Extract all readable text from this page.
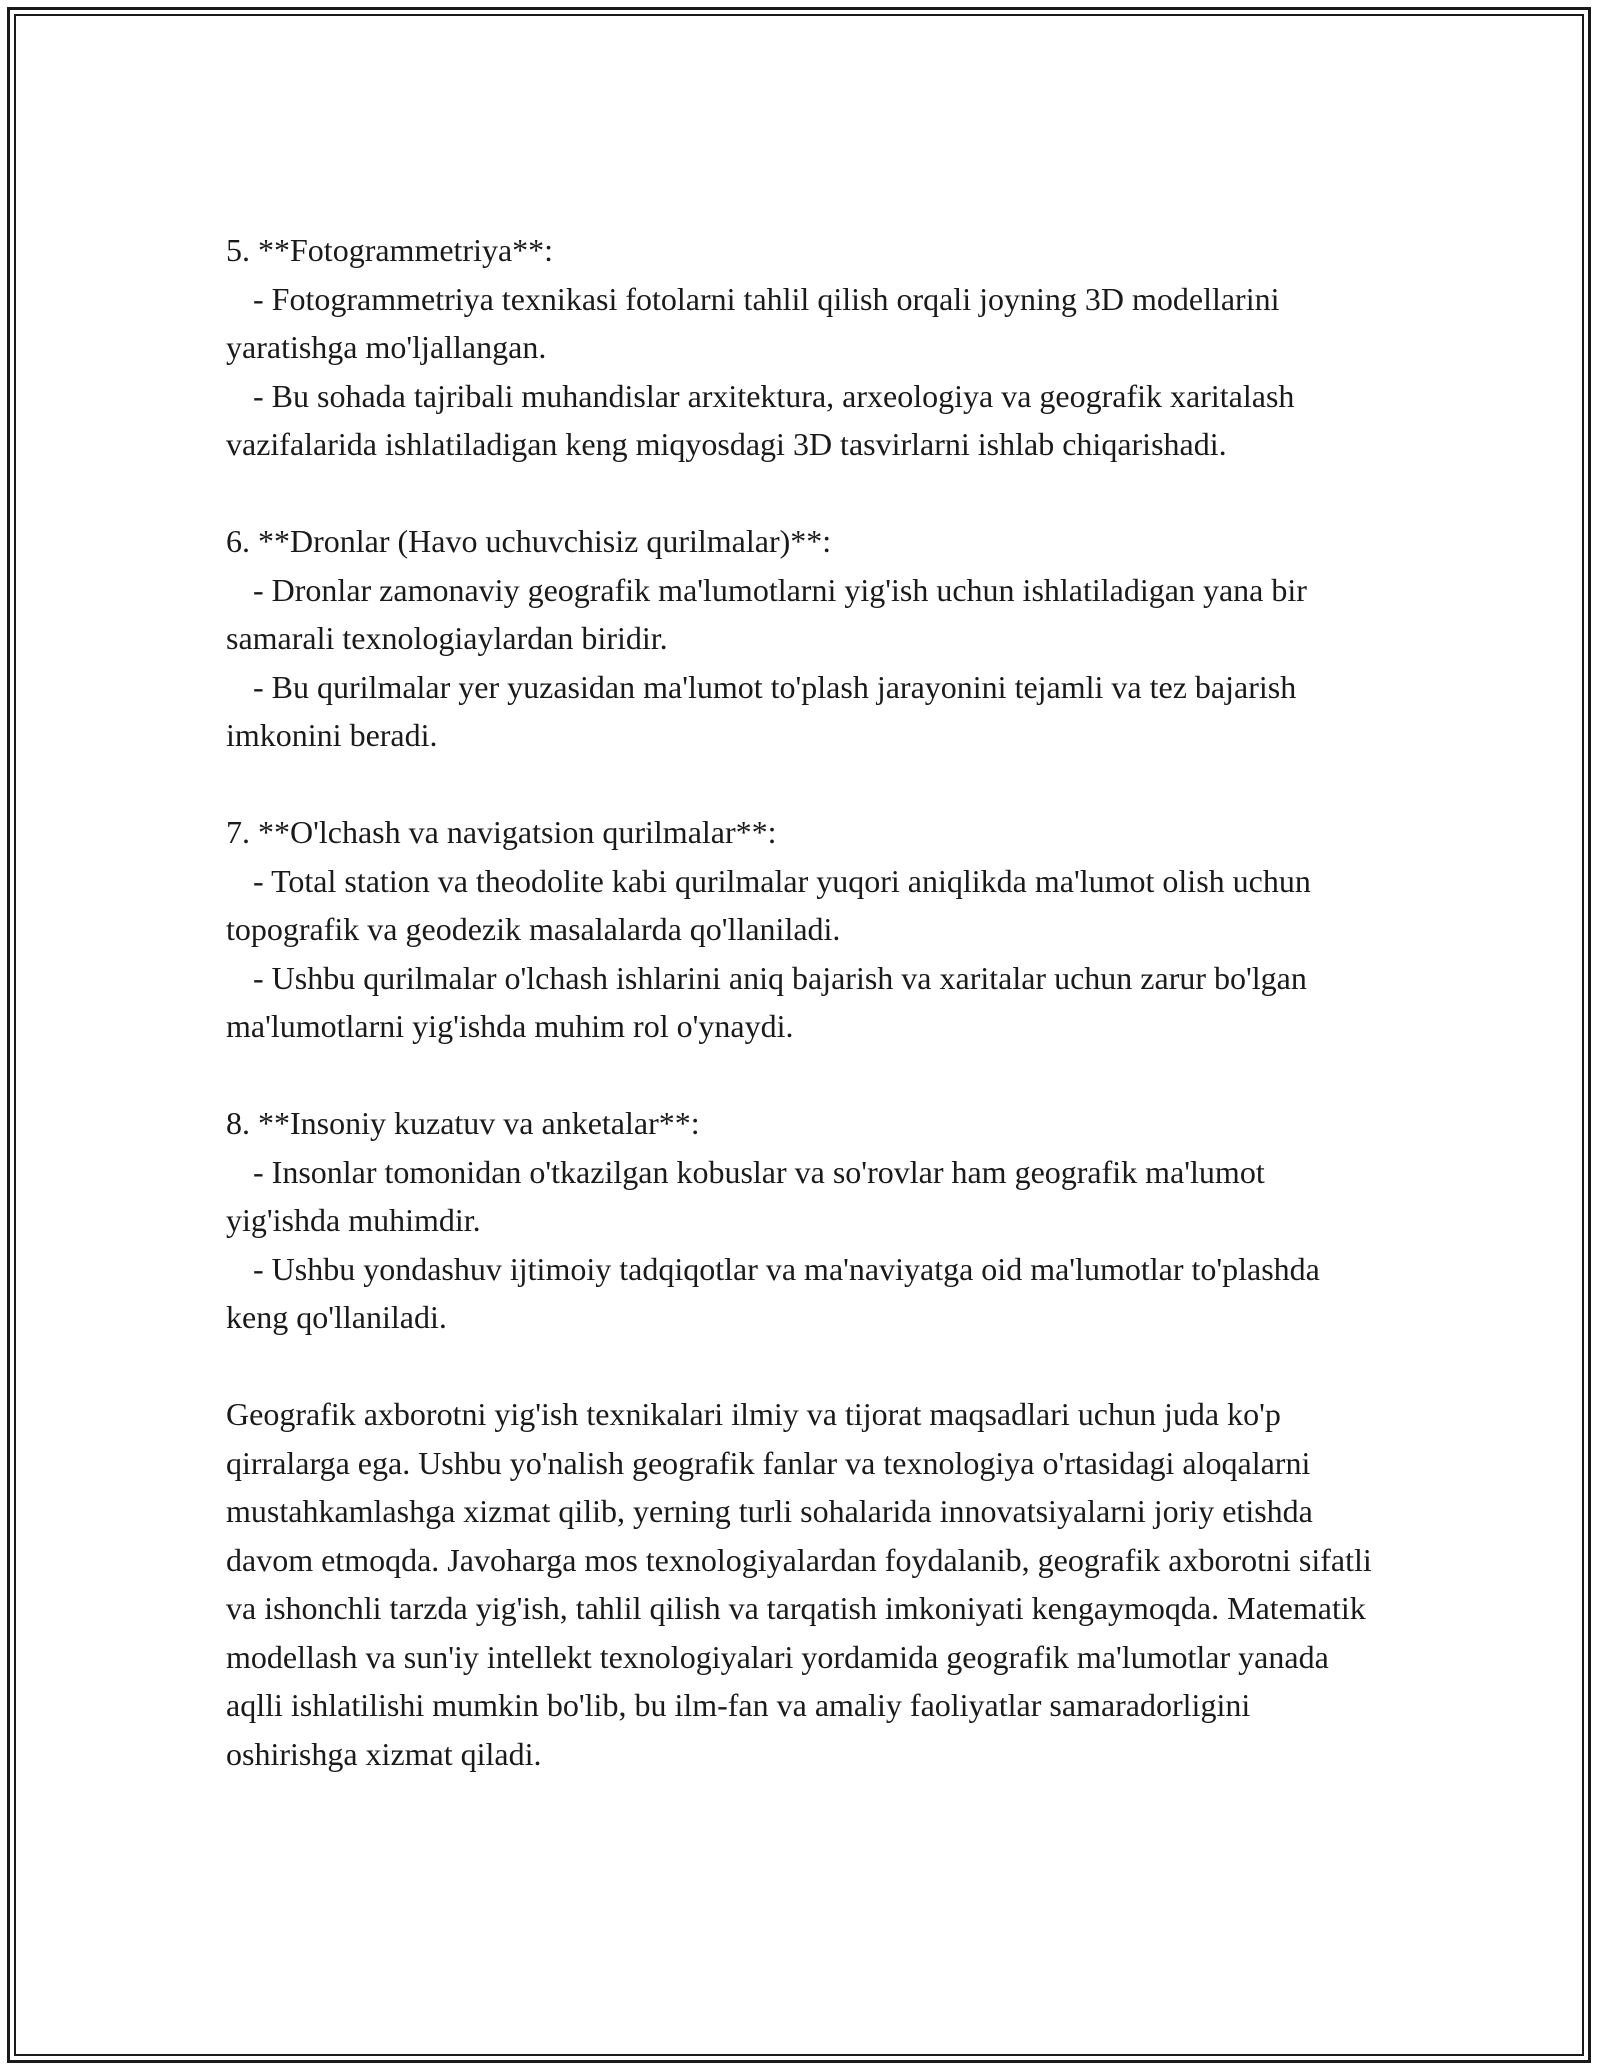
5. **Fotogrammetriya**:

- Fotogrammetriya texnikasi fotolarni tahlil qilish orqali joyning 3D modellarini yaratishga mo'ljallangan.

- Bu sohada tajribali muhandislar arxitektura, arxeologiya va geografik xaritalash vazifalarida ishlatiladigan keng miqyosdagi 3D tasvirlarni ishlab chiqarishadi.

6. **Dronlar (Havo uchuvchisiz qurilmalar)**:

- Dronlar zamonaviy geografik ma'lumotlarni yig'ish uchun ishlatiladigan yana bir samarali texnologiaylardan biridir.

- Bu qurilmalar yer yuzasidan ma'lumot to'plash jarayonini tejamli va tez bajarish imkonini beradi.

7. **O'lchash va navigatsion qurilmalar**:

- Total station va theodolite kabi qurilmalar yuqori aniqlikda ma'lumot olish uchun topografik va geodezik masalalarda qo'llaniladi.

- Ushbu qurilmalar o'lchash ishlarini aniq bajarish va xaritalar uchun zarur bo'lgan ma'lumotlarni yig'ishda muhim rol o'ynaydi.

8. **Insoniy kuzatuv va anketalar**:

- Insonlar tomonidan o'tkazilgan kobuslar va so'rovlar ham geografik ma'lumot yig'ishda muhimdir.

- Ushbu yondashuv ijtimoiy tadqiqotlar va ma'naviyatga oid ma'lumotlar to'plashda keng qo'llaniladi.

Geografik axborotni yig'ish texnikalari ilmiy va tijorat maqsadlari uchun juda ko'p qirralarga ega. Ushbu yo'nalish geografik fanlar va texnologiya o'rtasidagi aloqalarni mustahkamlashga xizmat qilib, yerning turli sohalarida innovatsiyalarni joriy etishda davom etmoqda. Javoharga mos texnologiyalardan foydalanib, geografik axborotni sifatli va ishonchli tarzda yig'ish, tahlil qilish va tarqatish imkoniyati kengaymoqda. Matematik modellash va sun'iy intellekt texnologiyalari yordamida geografik ma'lumotlar yanada aqlli ishlatilishi mumkin bo'lib, bu ilm-fan va amaliy faoliyatlar samaradorligini oshirishga xizmat qiladi.
